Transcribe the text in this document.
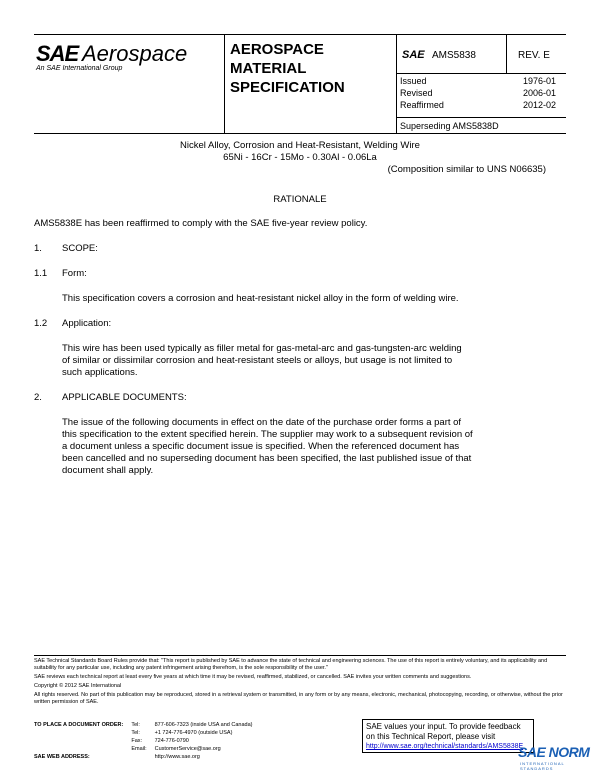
SAE Aerospace
An SAE International Group
AEROSPACE
MATERIAL
SPECIFICATION
SAE AMS5838	REV. E
Issued	1976-01
Revised	2006-01
Reaffirmed	2012-02
Superseding AMS5838D
Nickel Alloy, Corrosion and Heat-Resistant, Welding Wire
65Ni - 16Cr - 15Mo - 0.30Al - 0.06La
(Composition similar to UNS N06635)
RATIONALE
AMS5838E has been reaffirmed to comply with the SAE five-year review policy.
1. SCOPE:
1.1 Form:
This specification covers a corrosion and heat-resistant nickel alloy in the form of welding wire.
1.2 Application:
This wire has been used typically as filler metal for gas-metal-arc and gas-tungsten-arc welding
of similar or dissimilar corrosion and heat-resistant steels or alloys, but usage is not limited to
such applications.
2. APPLICABLE DOCUMENTS:
The issue of the following documents in effect on the date of the purchase order forms a part of
this specification to the extent specified herein. The supplier may work to a subsequent revision of
a document unless a specific document issue is specified. When the referenced document has
been cancelled and no superseding document has been specified, the last published issue of that
document shall apply.
SAE Technical Standards Board Rules provide that: "This report is published by SAE to advance the state of technical and engineering sciences. The use of this report is entirely voluntary, and its applicability and suitability for any particular use, including any patent infringement arising therefrom, is the sole responsibility of the user."
SAE reviews each technical report at least every five years at which time it may be revised, reaffirmed, stabilized, or cancelled. SAE invites your written comments and suggestions.
Copyright © 2012 SAE International
All rights reserved. No part of this publication may be reproduced, stored in a retrieval system or transmitted, in any form or by any means, electronic, mechanical, photocopying, recording, or otherwise, without the prior written permission of SAE.
TO PLACE A DOCUMENT ORDER:	Tel:	877-606-7323 (inside USA and Canada)
	Tel:	+1 724-776-4970 (outside USA)
	Fax:	724-776-0790
	Email:	CustomerService@sae.org
SAE WEB ADDRESS:		http://www.sae.org
SAE values your input. To provide feedback
on this Technical Report, please visit
http://www.sae.org/technical/standards/AMS5838E
SAE NORM
INTERNATIONAL STANDARDS
